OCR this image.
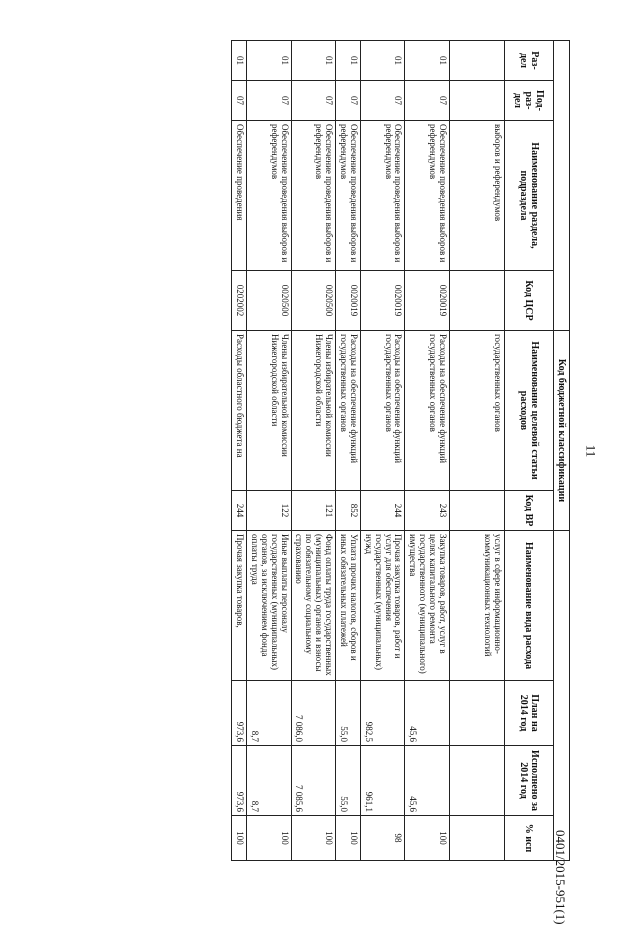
11
0401/2015-951(1)
				Код бюджетной классификации					
Раз-дел	Под-раз-дел	Наименование раздела, подраздела	Код ЦСР	Наименование целевой статьи расходов	Код ВР	Наименование вида расхода	План на 2014 год	Исполнено за 2014 год	% исп
		выборов и референдумов		государственных органов		услуг в сфере информационно-коммуникационных технологий			
01	07	Обеспечение проведения выборов и референдумов	0020019	Расходы на обеспечение функций государственных органов	243	Закупка товаров, работ, услуг в целях капитального ремонта государственного (муниципального) имущества	45,6	45,6	100
01	07	Обеспечение проведения выборов и референдумов	0020019	Расходы на обеспечение функций государственных органов	244	Прочая закупка товаров, работ и услуг для обеспечения государственных (муниципальных) нужд	982,5	961,1	98
01	07	Обеспечение проведения выборов и референдумов	0020019	Расходы на обеспечение функций государственных органов	852	Уплата прочих налогов, сборов и иных обязательных платежей	55,0	55,0	100
01	07	Обеспечение проведения выборов и референдумов	0020500	Члены избирательной комиссии Нижегородской области	121	Фонд оплаты труда государственных (муниципальных) органов и взносы по обязательному социальному страхованию	7 086,0	7 085,6	100
01	07	Обеспечение проведения выборов и референдумов	0020500	Члены избирательной комиссии Нижегородской области	122	Иные выплаты персоналу государственных (муниципальных) органов, за исключением фонда оплаты труда	8,7	8,7	100
01	07	Обеспечение проведения	0202002	Расходы областного бюджета на	244	Прочая закупка товаров,	973,6	973,6	100
